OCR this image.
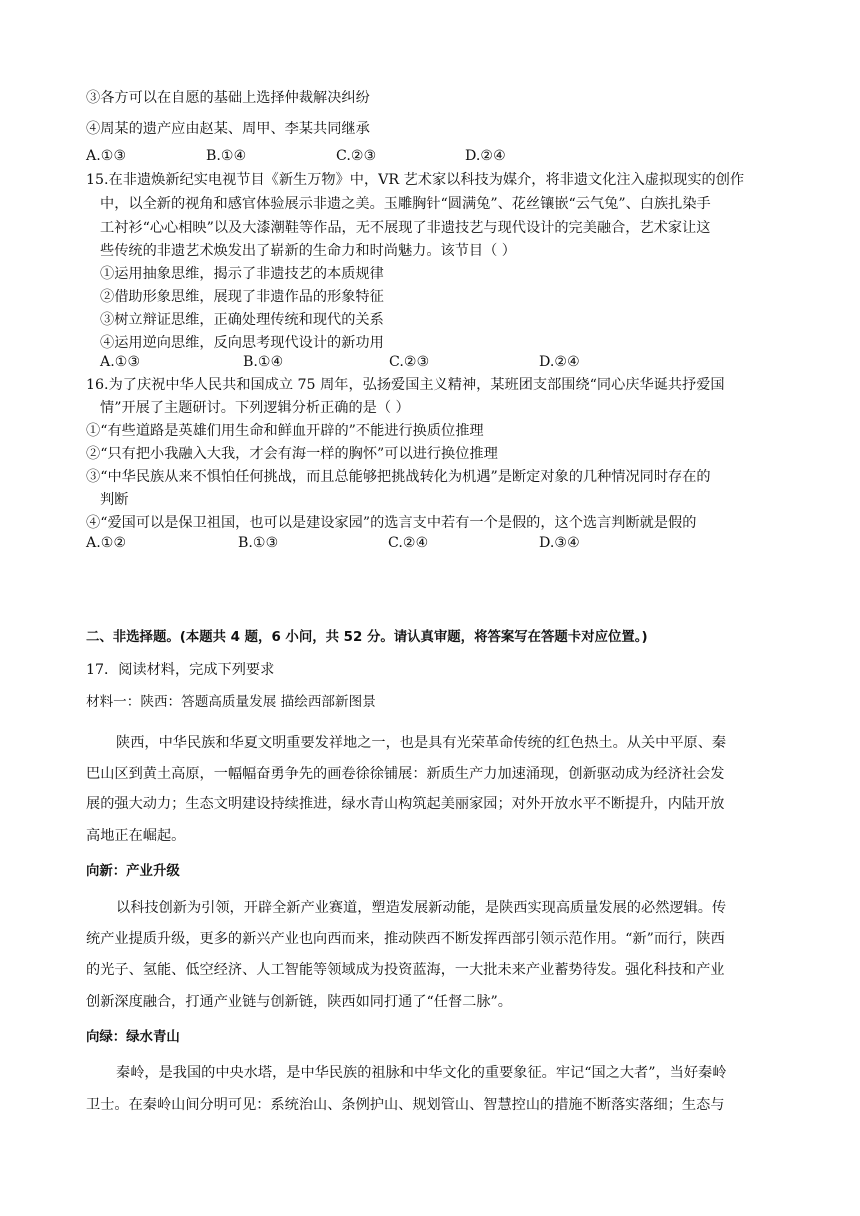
③各方可以在自愿的基础上选择仲裁解决纠纷
④周某的遗产应由赵某、周甲、李某共同继承
A.①③	B.①④	C.②③	D.②④
15.在非遗焕新纪实电视节目《新生万物》中，VR 艺术家以科技为媒介，将非遗文化注入虚拟现实的创作
中，以全新的视角和感官体验展示非遗之美。玉雕胸针“圆满兔”、花丝镶嵌“云气兔”、白族扎染手
工衬衫“心心相映”以及大漆潮鞋等作品，无不展现了非遗技艺与现代设计的完美融合，艺术家让这
些传统的非遗艺术焕发出了崭新的生命力和时尚魅力。该节目（ ）
①运用抽象思维，揭示了非遗技艺的本质规律
②借助形象思维，展现了非遗作品的形象特征
③树立辩证思维，正确处理传统和现代的关系
④运用逆向思维，反向思考现代设计的新功用
A.①③	B.①④	C.②③	D.②④
16.为了庆祝中华人民共和国成立 75 周年，弘扬爱国主义精神，某班团支部围绕“同心庆华诞共抒爱国
情”开展了主题研讨。下列逻辑分析正确的是（ ）
①“有些道路是英雄们用生命和鲜血开辟的”不能进行换质位推理
②“只有把小我融入大我，才会有海一样的胸怀”可以进行换位推理
③“中华民族从来不惧怕任何挑战，而且总能够把挑战转化为机遇”是断定对象的几种情况同时存在的
判断
④“爱国可以是保卫祖国，也可以是建设家园”的选言支中若有一个是假的，这个选言判断就是假的
A.①②	B.①③	C.②④	D.③④
二、非选择题。(本题共 4 题，6 小问，共 52 分。请认真审题，将答案写在答题卡对应位置。)
17．阅读材料，完成下列要求
材料一：陕西：答题高质量发展 描绘西部新图景
陕西，中华民族和华夏文明重要发祥地之一，也是具有光荣革命传统的红色热土。从关中平原、秦
巴山区到黄土高原，一幅幅奋勇争先的画卷徐徐铺展：新质生产力加速涌现，创新驱动成为经济社会发
展的强大动力；生态文明建设持续推进，绿水青山构筑起美丽家园；对外开放水平不断提升，内陆开放
高地正在崛起。
向新：产业升级
以科技创新为引领，开辟全新产业赛道，塑造发展新动能，是陕西实现高质量发展的必然逻辑。传
统产业提质升级，更多的新兴产业也向西而来，推动陕西不断发挥西部引领示范作用。“新”而行，陕西
的光子、氢能、低空经济、人工智能等领域成为投资蓝海，一大批未来产业蓄势待发。强化科技和产业
创新深度融合，打通产业链与创新链，陕西如同打通了“任督二脉”。
向绿：绿水青山
秦岭，是我国的中央水塔，是中华民族的祖脉和中华文化的重要象征。牢记“国之大者”，当好秦岭
卫士。在秦岭山间分明可见：系统治山、条例护山、规划管山、智慧控山的措施不断落实落细；生态与
